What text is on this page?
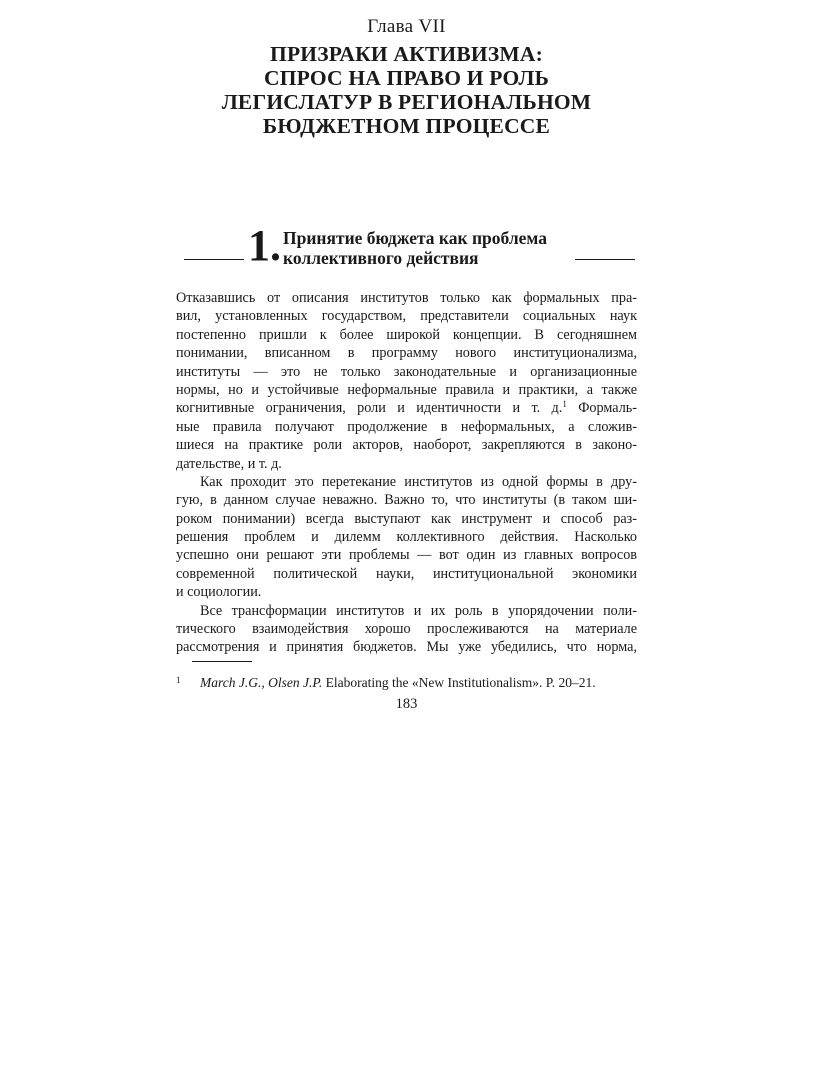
Глава VII
ПРИЗРАКИ АКТИВИЗМА:
СПРОС НА ПРАВО И РОЛЬ
ЛЕГИСЛАТУР В РЕГИОНАЛЬНОМ
БЮДЖЕТНОМ ПРОЦЕССЕ
1. Принятие бюджета как проблема
коллективного действия
Отказавшись от описания институтов только как формальных пра-
вил, установленных государством, представители социальных наук
постепенно пришли к более широкой концепции. В сегодняшнем
понимании, вписанном в программу нового институционализма,
институты — это не только законодательные и организационные
нормы, но и устойчивые неформальные правила и практики, а также
когнитивные ограничения, роли и идентичности и т. д.$^1$ Формаль-
ные правила получают продолжение в неформальных, а сложив-
шиеся на практике роли акторов, наоборот, закрепляются в законо-
дательстве, и т. д.
Как проходит это перетекание институтов из одной формы в дру-
гую, в данном случае неважно. Важно то, что институты (в таком ши-
роком понимании) всегда выступают как инструмент и способ раз-
решения проблем и дилемм коллективного действия. Насколько
успешно они решают эти проблемы — вот один из главных вопросов
современной политической науки, институциональной экономики
и социологии.
Все трансформации институтов и их роль в упорядочении поли-
тического взаимодействия хорошо прослеживаются на материале
рассмотрения и принятия бюджетов. Мы уже убедились, что норма,
1 March J.G., Olsen J.P. Elaborating the «New Institutionalism». P. 20–21.
183
